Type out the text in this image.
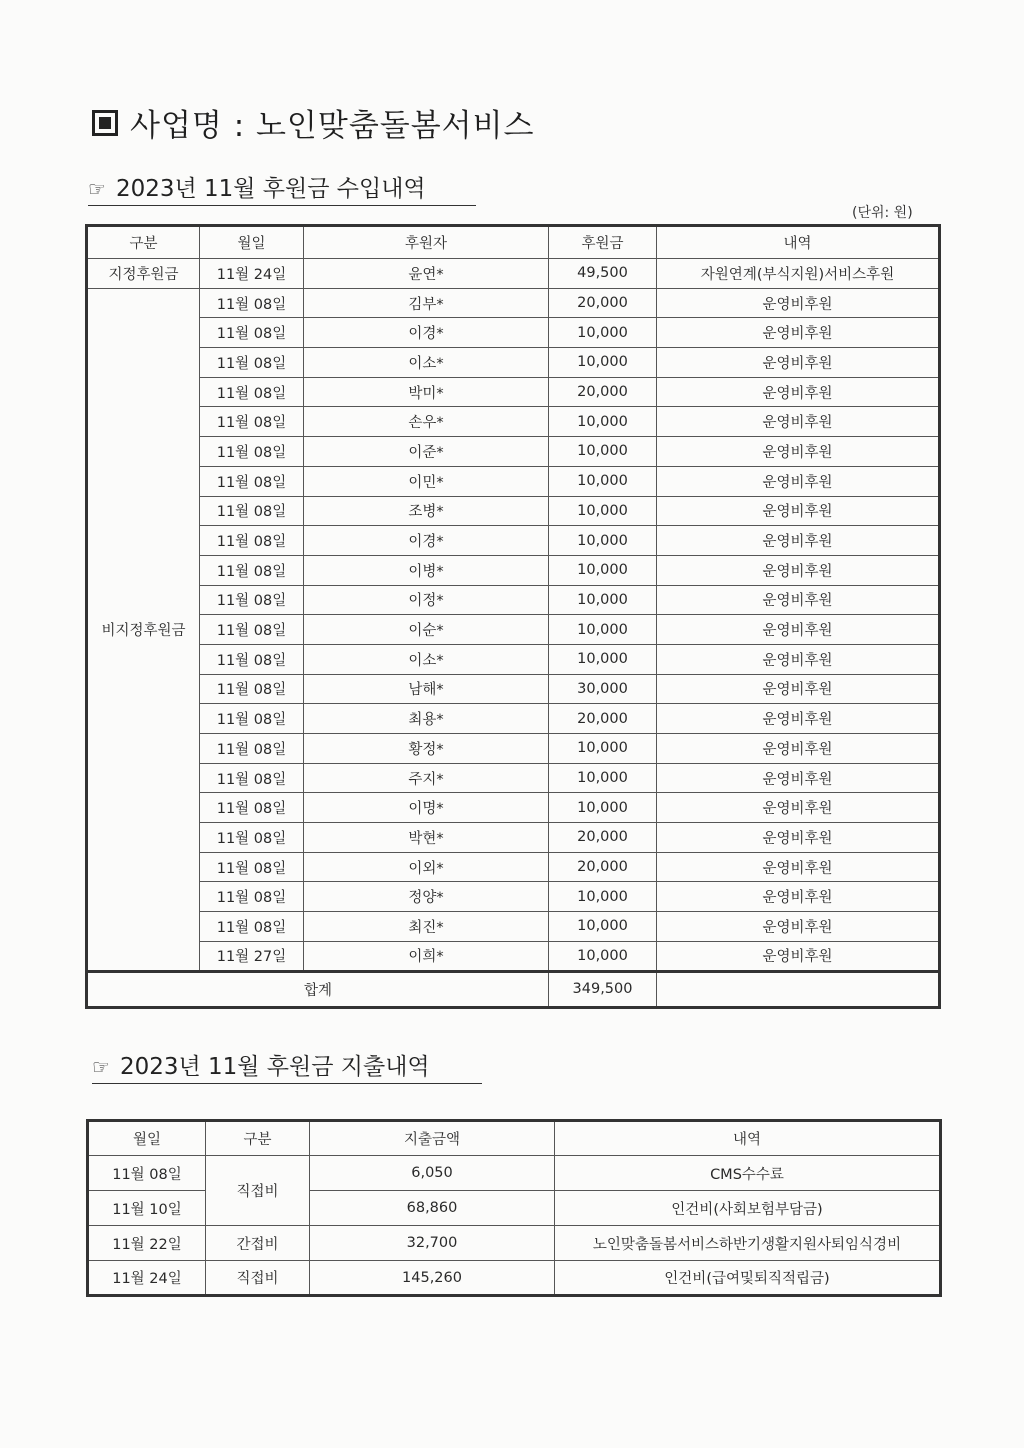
사업명 : 노인맞춤돌봄서비스
☞ 2023년 11월 후원금 수입내역
(단위: 원)
구분	월일	후원자	후원금	내역
지정후원금	11월 24일	윤연*	49,500	자원연계(부식지원)서비스후원
비지정후원금	11월 08일	김부*	20,000	운영비후원
	11월 08일	이경*	10,000	운영비후원
	11월 08일	이소*	10,000	운영비후원
	11월 08일	박미*	20,000	운영비후원
	11월 08일	손우*	10,000	운영비후원
	11월 08일	이준*	10,000	운영비후원
	11월 08일	이민*	10,000	운영비후원
	11월 08일	조병*	10,000	운영비후원
	11월 08일	이경*	10,000	운영비후원
	11월 08일	이병*	10,000	운영비후원
	11월 08일	이정*	10,000	운영비후원
	11월 08일	이순*	10,000	운영비후원
	11월 08일	이소*	10,000	운영비후원
	11월 08일	남해*	30,000	운영비후원
	11월 08일	최용*	20,000	운영비후원
	11월 08일	황정*	10,000	운영비후원
	11월 08일	주지*	10,000	운영비후원
	11월 08일	이명*	10,000	운영비후원
	11월 08일	박현*	20,000	운영비후원
	11월 08일	이외*	20,000	운영비후원
	11월 08일	정양*	10,000	운영비후원
	11월 08일	최진*	10,000	운영비후원
	11월 27일	이희*	10,000	운영비후원
합계			349,500	
☞ 2023년 11월 후원금 지출내역
월일	구분	지출금액	내역
11월 08일	직접비	6,050	CMS수수료
11월 10일		68,860	인건비(사회보험부담금)
11월 22일	간접비	32,700	노인맞춤돌봄서비스하반기생활지원사퇴임식경비
11월 24일	직접비	145,260	인건비(급여및퇴직적립금)
